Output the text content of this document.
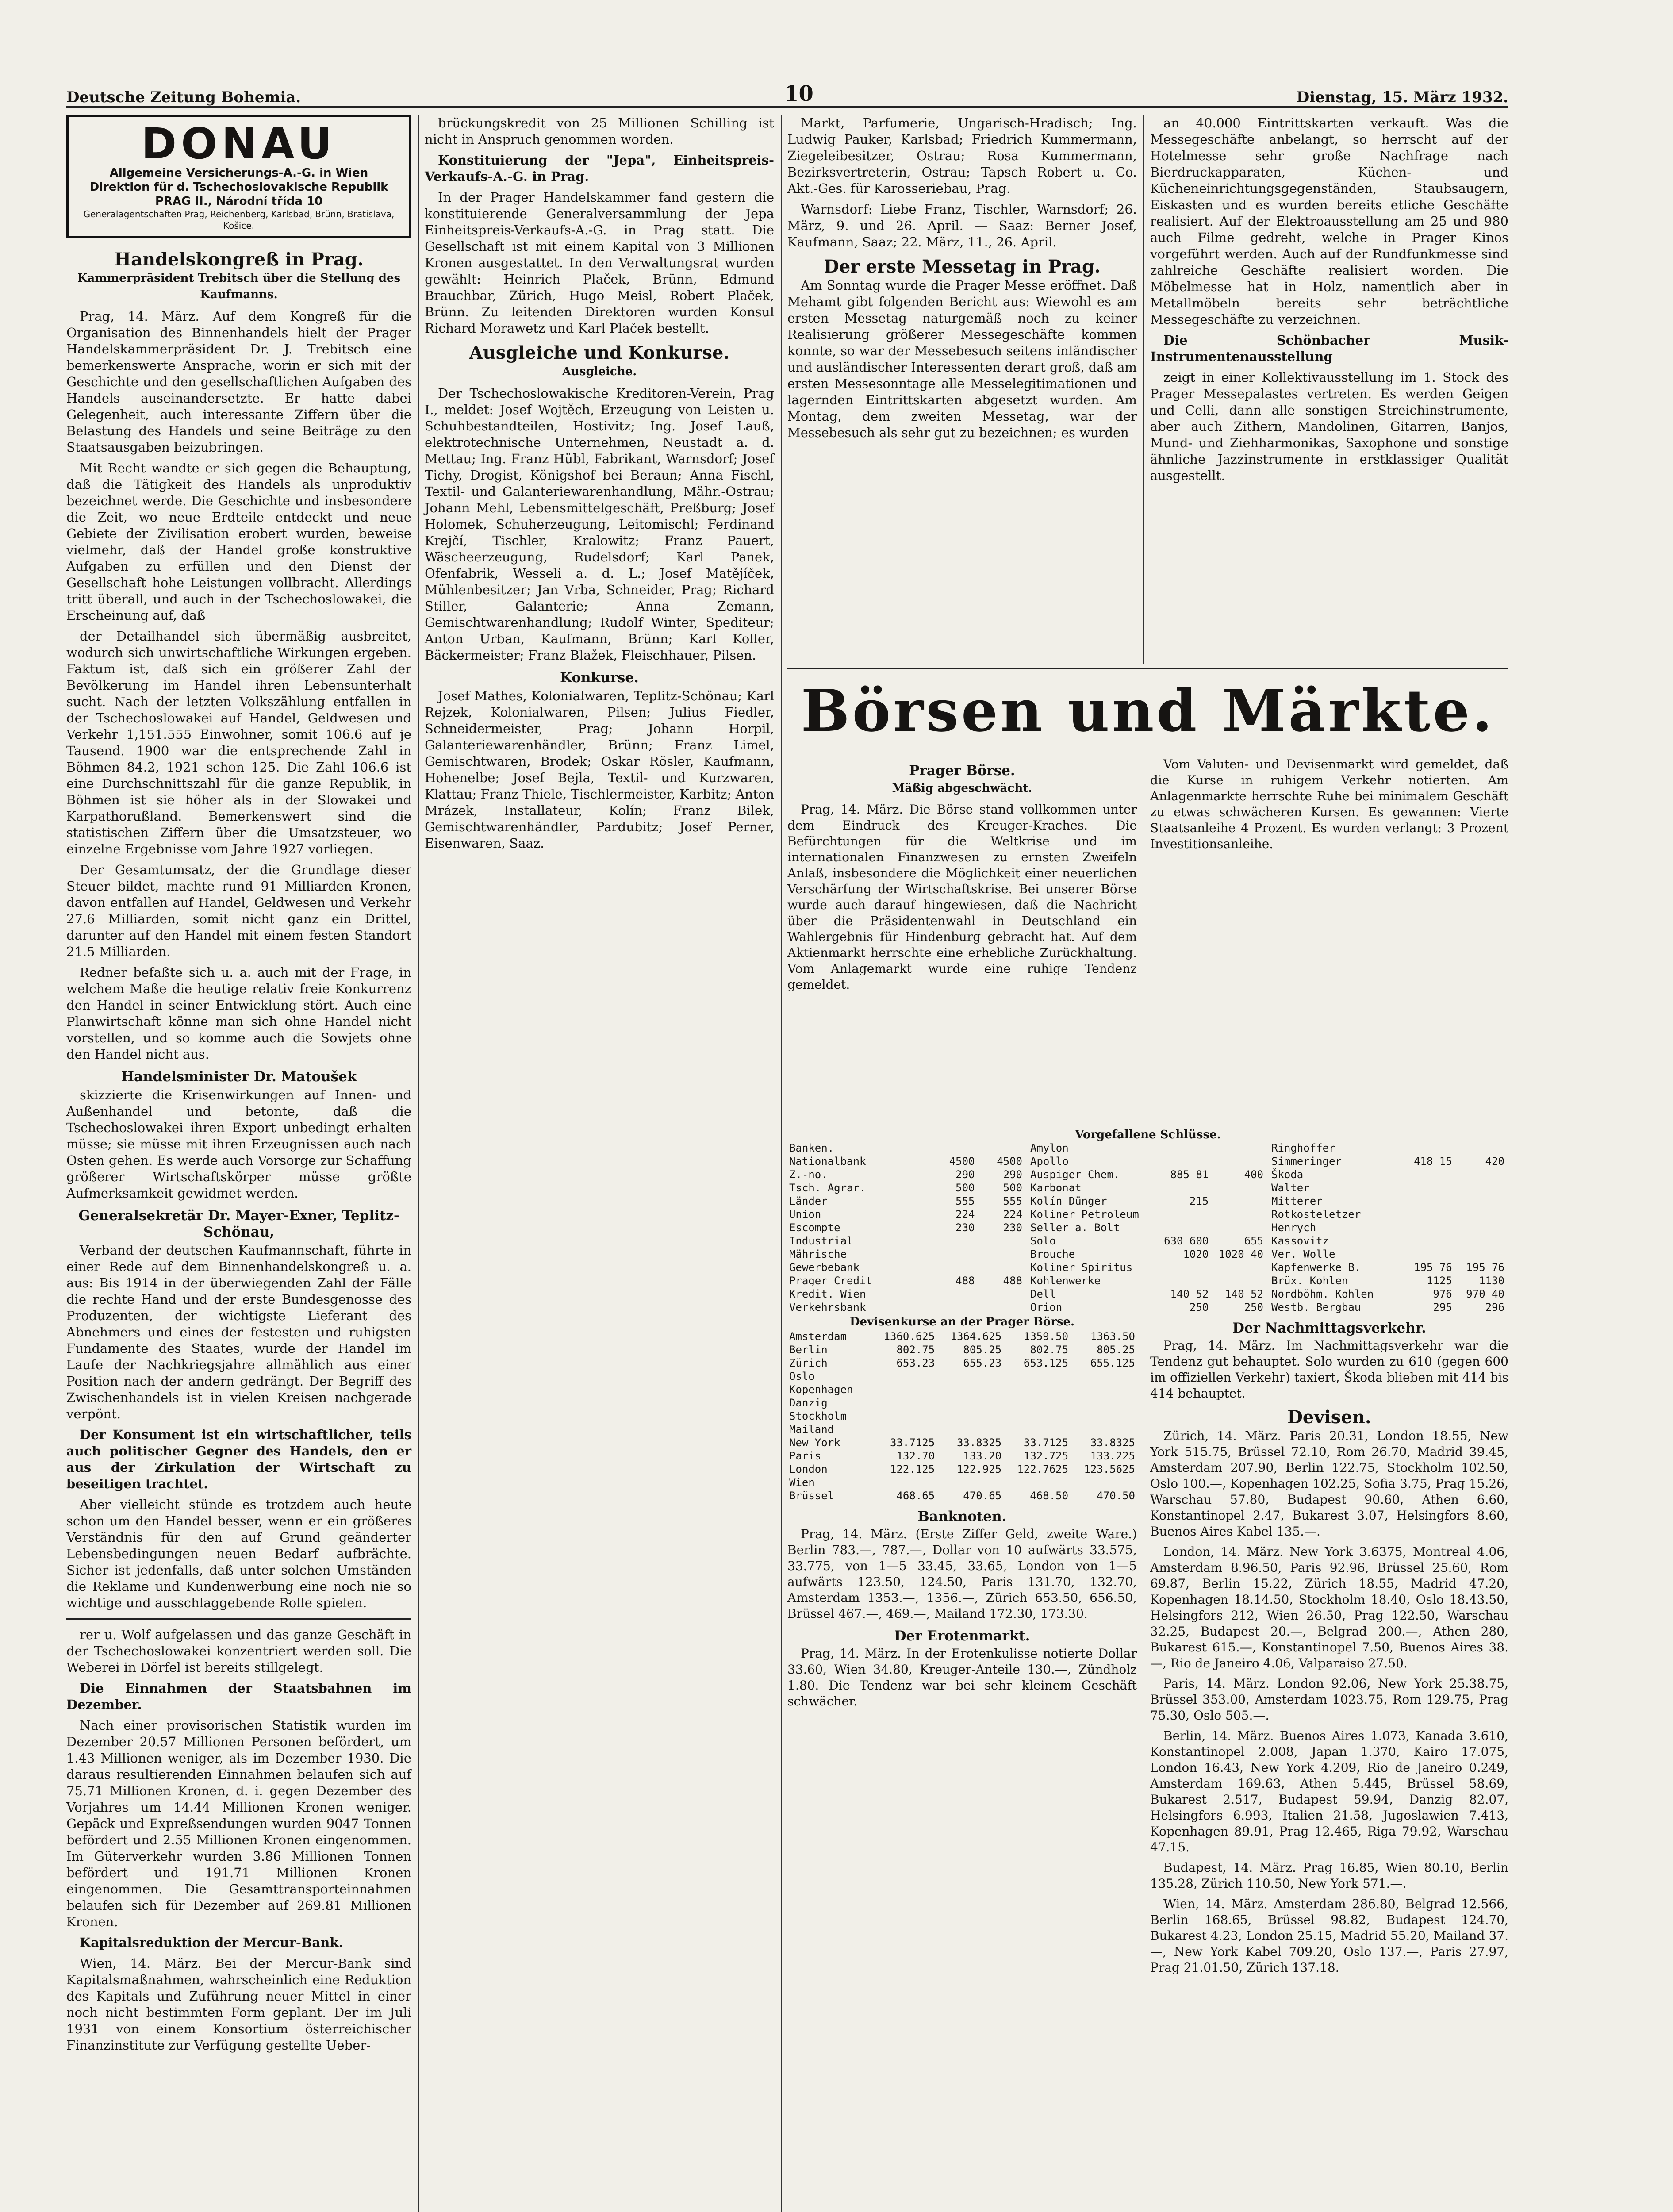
Deutsche Zeitung Bohemia.	10	Dienstag, 15. März 1932.
DONAU
Allgemeine Versicherungs-A.-G. in Wien
Direktion für d. Tschechoslovakische Republik PRAG II., Národní třída 10
Generalagentschaften Prag, Reichenberg, Karlsbad, Brünn, Bratislava, Košice.
Handelskongreß in Prag.
Kammerpräsident Trebitsch über die Stellung des Kaufmanns.

Prag, 14. März. Auf dem Kongreß für die Organisation des Binnenhandels hielt der Prager Handelskammerpräsident Dr. J. Trebitsch eine bemerkenswerte Ansprache, worin er sich mit der Geschichte und den gesellschaftlichen Aufgaben des Handels auseinandersetzte. Er hatte dabei Gelegenheit, auch interessante Ziffern über die Belastung des Handels und seine Beiträge zu den Staatsausgaben beizubringen.

Mit Recht wandte er sich gegen die Behauptung, daß die Tätigkeit des Handels als unproduktiv bezeichnet werde. Die Geschichte und insbesondere die Zeit, wo neue Erdteile entdeckt und neue Gebiete der Zivilisation erobert wurden, beweise vielmehr, daß der Handel große konstruktive Aufgaben zu erfüllen und den Dienst der Gesellschaft hohe Leistungen vollbracht. Allerdings tritt überall, und auch in der Tschechoslowakei, die Erscheinung auf, daß

der Detailhandel sich übermäßig ausbreitet, wodurch sich unwirtschaftliche Wirkungen ergeben. Faktum ist, daß sich ein größerer Zahl der Bevölkerung im Handel ihren Lebensunterhalt sucht. Nach der letzten Volkszählung entfallen in der Tschechoslowakei auf Handel, Geldwesen und Verkehr 1,151.555 Einwohner, somit 106.6 auf je Tausend. 1900 war die entsprechende Zahl in Böhmen 84.2, 1921 schon 125. Die Zahl 106.6 ist eine Durchschnittszahl für die ganze Republik, in Böhmen ist sie höher als in der Slowakei und Karpathorußland. Bemerkenswert sind die statistischen Ziffern über die Umsatzsteuer, wo einzelne Ergebnisse vom Jahre 1927 vorliegen.

Der Gesamtumsatz, der die Grundlage dieser Steuer bildet, machte rund 91 Milliarden Kronen, davon entfallen auf Handel, Geldwesen und Verkehr 27.6 Milliarden, somit nicht ganz ein Drittel, darunter auf den Handel mit einem festen Standort 21.5 Milliarden.

Redner befaßte sich u. a. auch mit der Frage, in welchem Maße die heutige relativ freie Konkurrenz den Handel in seiner Entwicklung stört. Auch eine Planwirtschaft könne man sich ohne Handel nicht vorstellen, und so komme auch die Sowjets ohne den Handel nicht aus.

Handelsminister Dr. Matoušek

skizzierte die Krisenwirkungen auf Innen- und Außenhandel und betonte, daß die Tschechoslowakei ihren Export unbedingt erhalten müsse; sie müsse mit ihren Erzeugnissen auch nach Osten gehen. Es werde auch Vorsorge zur Schaffung größerer Wirtschaftskörper müsse größte Aufmerksamkeit gewidmet werden.

Generalsekretär Dr. Mayer-Exner, Teplitz-Schönau,

Verband der deutschen Kaufmannschaft, führte in einer Rede auf dem Binnenhandelskongreß u. a. aus: Bis 1914 in der überwiegenden Zahl der Fälle die rechte Hand und der erste Bundesgenosse des Produzenten, der wichtigste Lieferant des Abnehmers und eines der festesten und ruhigsten Fundamente des Staates, wurde der Handel im Laufe der Nachkriegsjahre allmählich aus einer Position nach der andern gedrängt. Der Begriff des Zwischenhandels ist in vielen Kreisen nachgerade verpönt.

Der Konsument ist ein wirtschaftlicher, teils auch politischer Gegner des Handels, den er aus der Zirkulation der Wirtschaft zu beseitigen trachtet.

Aber vielleicht stünde es trotzdem auch heute schon um den Handel besser, wenn er ein größeres Verständnis für den auf Grund geänderter Lebensbedingungen neuen Bedarf aufbrächte. Sicher ist jedenfalls, daß unter solchen Umständen die Reklame und Kundenwerbung eine noch nie so wichtige und ausschlaggebende Rolle spielen.

rer u. Wolf aufgelassen und das ganze Geschäft in der Tschechoslowakei konzentriert werden soll. Die Weberei in Dörfel ist bereits stillgelegt.

Die Einnahmen der Staatsbahnen im Dezember.

Nach einer provisorischen Statistik wurden im Dezember 20.57 Millionen Personen befördert, um 1.43 Millionen weniger, als im Dezember 1930. Die daraus resultierenden Einnahmen belaufen sich auf 75.71 Millionen Kronen, d. i. gegen Dezember des Vorjahres um 14.44 Millionen Kronen weniger. Gepäck und Expreßsendungen wurden 9047 Tonnen befördert und 2.55 Millionen Kronen eingenommen. Im Güterverkehr wurden 3.86 Millionen Tonnen befördert und 191.71 Millionen Kronen eingenommen. Die Gesamttransporteinnahmen belaufen sich für Dezember auf 269.81 Millionen Kronen.

Kapitalsreduktion der Mercur-Bank.

Wien, 14. März. Bei der Mercur-Bank sind Kapitalsmaßnahmen, wahrscheinlich eine Reduktion des Kapitals und Zuführung neuer Mittel in einer noch nicht bestimmten Form geplant. Der im Juli 1931 von einem Konsortium österreichischer Finanzinstitute zur Verfügung gestellte Ueber-

brückungskredit von 25 Millionen Schilling ist nicht in Anspruch genommen worden.

Konstituierung der "Jepa", Einheitspreis-Verkaufs-A.-G. in Prag.

In der Prager Handelskammer fand gestern die konstituierende Generalversammlung der Jepa Einheitspreis-Verkaufs-A.-G. in Prag statt. Die Gesellschaft ist mit einem Kapital von 3 Millionen Kronen ausgestattet. In den Verwaltungsrat wurden gewählt: Heinrich Plaček, Brünn, Edmund Brauchbar, Zürich, Hugo Meisl, Robert Plaček, Brünn. Zu leitenden Direktoren wurden Konsul Richard Morawetz und Karl Plaček bestellt.

Ausgleiche und Konkurse.
Ausgleiche.

Der Tschechoslowakische Kreditoren-Verein, Prag I., meldet: Josef Wojtěch, Erzeugung von Leisten u. Schuhbestandteilen, Hostivitz; Ing. Josef Lauß, elektrotechnische Unternehmen, Neustadt a. d. Mettau; Ing. Franz Hübl, Fabrikant, Warnsdorf; Josef Tichy, Drogist, Königshof bei Beraun; Anna Fischl, Textil- und Galanteriewarenhandlung, Mähr.-Ostrau; Johann Mehl, Lebensmittelgeschäft, Preßburg; Josef Holomek, Schuherzeugung, Leitomischl; Ferdinand Krejčí, Tischler, Kralowitz; Franz Pauert, Wäscheerzeugung, Rudelsdorf; Karl Panek, Ofenfabrik, Wesseli a. d. L.; Josef Matějíček, Mühlenbesitzer; Jan Vrba, Schneider, Prag; Richard Stiller, Galanterie; Anna Zemann, Gemischtwarenhandlung; Rudolf Winter, Spediteur; Anton Urban, Kaufmann, Brünn; Karl Koller, Bäckermeister; Franz Blažek, Fleischhauer, Pilsen.

Konkurse.

Josef Mathes, Kolonialwaren, Teplitz-Schönau; Karl Rejzek, Kolonialwaren, Pilsen; Julius Fiedler, Schneidermeister, Prag; Johann Horpil, Galanteriewarenhändler, Brünn; Franz Limel, Gemischtwaren, Brodek; Oskar Rösler, Kaufmann, Hohenelbe; Josef Bejla, Textil- und Kurzwaren, Klattau; Franz Thiele, Tischlermeister, Karbitz; Anton Mrázek, Installateur, Kolín; Franz Bilek, Gemischtwarenhändler, Pardubitz; Josef Perner, Eisenwaren, Saaz.

Markt, Parfumerie, Ungarisch-Hradisch; Ing. Ludwig Pauker, Karlsbad; Friedrich Kummermann, Ziegeleibesitzer, Ostrau; Rosa Kummermann, Bezirksvertreterin, Ostrau; Tapsch Robert u. Co. Akt.-Ges. für Karosseriebau, Prag.

Warnsdorf: Liebe Franz, Tischler, Warnsdorf; 26. März, 9. und 26. April. — Saaz: Berner Josef, Kaufmann, Saaz; 22. März, 11., 26. April.

Der erste Messetag in Prag.

Am Sonntag wurde die Prager Messe eröffnet. Daß Mehamt gibt folgenden Bericht aus: Wiewohl es am ersten Messetag naturgemäß noch zu keiner Realisierung größerer Messegeschäfte kommen konnte, so war der Messebesuch seitens inländischer und ausländischer Interessenten derart groß, daß am ersten Messesonntage alle Messelegitimationen und lagernden Eintrittskarten abgesetzt wurden. Am Montag, dem zweiten Messetag, war der Messebesuch als sehr gut zu bezeichnen; es wurden

an 40.000 Eintrittskarten verkauft. Was die Messegeschäfte anbelangt, so herrscht auf der Hotelmesse sehr große Nachfrage nach Bierdruckapparaten, Küchen- und Kücheneinrichtungsgegenständen, Staubsaugern, Eiskasten und es wurden bereits etliche Geschäfte realisiert. Auf der Elektroausstellung am 25 und 980 auch Filme gedreht, welche in Prager Kinos vorgeführt werden. Auch auf der Rundfunkmesse sind zahlreiche Geschäfte realisiert worden. Die Möbelmesse hat in Holz, namentlich aber in Metallmöbeln bereits sehr beträchtliche Messegeschäfte zu verzeichnen.

Die Schönbacher Musik-Instrumentenausstellung

zeigt in einer Kollektivausstellung im 1. Stock des Prager Messepalastes vertreten. Es werden Geigen und Celli, dann alle sonstigen Streichinstrumente, aber auch Zithern, Mandolinen, Gitarren, Banjos, Mund- und Ziehharmonikas, Saxophone und sonstige ähnliche Jazzinstrumente in erstklassiger Qualität ausgestellt.

Börsen und Märkte.
Prager Börse.
Mäßig abgeschwächt.

Prag, 14. März. Die Börse stand vollkommen unter dem Eindruck des Kreuger-Kraches. Die Befürchtungen für die Weltkrise und im internationalen Finanzwesen zu ernsten Zweifeln Anlaß, insbesondere die Möglichkeit einer neuerlichen Verschärfung der Wirtschaftskrise. Bei unserer Börse wurde auch darauf hingewiesen, daß die Nachricht über die Präsidentenwahl in Deutschland ein Wahlergebnis für Hindenburg gebracht hat. Auf dem Aktienmarkt herrschte eine erhebliche Zurückhaltung. Vom Anlagemarkt wurde eine ruhige Tendenz gemeldet.

Vom Valuten- und Devisenmarkt wird gemeldet, daß die Kurse in ruhigem Verkehr notierten. Am Anlagenmarkte herrschte Ruhe bei minimalem Geschäft zu etwas schwächeren Kursen. Es gewannen: Vierte Staatsanleihe 4 Prozent. Es wurden verlangt: 3 Prozent Investitionsanleihe.

Vorgefallene Schlüsse.
Banken.		
Nationalbank	4500	4500
Z.-no.	290	290
Tsch. Agrar.	500	500
Länder	555	555
Union	224	224
Escompte	230	230
Industrial		
Mährische		
Gewerbebank		
Prager Credit	488	488
Kredit. Wien		
Verkehrsbank		
Amylon		
Apollo		
Auspiger Chem.	885 81	400
Karbonat		
Kolín Dünger	215	
Koliner Petroleum		
Seller a. Bolt		
Solo	630 600	655
Brouche	1020	1020 40
Koliner Spiritus		
Kohlenwerke		
Dell	140 52	140 52
Orion	250	250
Ringhoffer		
Simmeringer	418 15	420
Škoda		
Walter		
Mitterer		
Rotkosteletzer		
Henrych		
Kassovitz		
Ver. Wolle		
Kapfenwerke B.	195 76	195 76
Brüx. Kohlen	1125	1130
Nordböhm. Kohlen	976	970 40
Westb. Bergbau	295	296
Devisenkurse an der Prager Börse.
Amsterdam	1360.625	1364.625	1359.50	1363.50
Berlin	802.75	805.25	802.75	805.25
Zürich	653.23	655.23	653.125	655.125
Oslo				
Kopenhagen				
Danzig				
Stockholm				
Mailand				
New York	33.7125	33.8325	33.7125	33.8325
Paris	132.70	133.20	132.725	133.225
London	122.125	122.925	122.7625	123.5625
Wien				
Brüssel	468.65	470.65	468.50	470.50
Banknoten.

Prag, 14. März. (Erste Ziffer Geld, zweite Ware.) Berlin 783.—, 787.—, Dollar von 10 aufwärts 33.575, 33.775, von 1—5 33.45, 33.65, London von 1—5 aufwärts 123.50, 124.50, Paris 131.70, 132.70, Amsterdam 1353.—, 1356.—, Zürich 653.50, 656.50, Brüssel 467.—, 469.—, Mailand 172.30, 173.30.

Der Erotenmarkt.

Prag, 14. März. In der Erotenkulisse notierte Dollar 33.60, Wien 34.80, Kreuger-Anteile 130.—, Zündholz 1.80. Die Tendenz war bei sehr kleinem Geschäft schwächer.

Der Nachmittagsverkehr.

Prag, 14. März. Im Nachmittagsverkehr war die Tendenz gut behauptet. Solo wurden zu 610 (gegen 600 im offiziellen Verkehr) taxiert, Škoda blieben mit 414 bis 414 behauptet.

Devisen.

Zürich, 14. März. Paris 20.31, London 18.55, New York 515.75, Brüssel 72.10, Rom 26.70, Madrid 39.45, Amsterdam 207.90, Berlin 122.75, Stockholm 102.50, Oslo 100.—, Kopenhagen 102.25, Sofia 3.75, Prag 15.26, Warschau 57.80, Budapest 90.60, Athen 6.60, Konstantinopel 2.47, Bukarest 3.07, Helsingfors 8.60, Buenos Aires Kabel 135.—.

London, 14. März. New York 3.6375, Montreal 4.06, Amsterdam 8.96.50, Paris 92.96, Brüssel 25.60, Rom 69.87, Berlin 15.22, Zürich 18.55, Madrid 47.20, Kopenhagen 18.14.50, Stockholm 18.40, Oslo 18.43.50, Helsingfors 212, Wien 26.50, Prag 122.50, Warschau 32.25, Budapest 20.—, Belgrad 200.—, Athen 280, Bukarest 615.—, Konstantinopel 7.50, Buenos Aires 38.—, Rio de Janeiro 4.06, Valparaiso 27.50.

Paris, 14. März. London 92.06, New York 25.38.75, Brüssel 353.00, Amsterdam 1023.75, Rom 129.75, Prag 75.30, Oslo 505.—.

Berlin, 14. März. Buenos Aires 1.073, Kanada 3.610, Konstantinopel 2.008, Japan 1.370, Kairo 17.075, London 16.43, New York 4.209, Rio de Janeiro 0.249, Amsterdam 169.63, Athen 5.445, Brüssel 58.69, Bukarest 2.517, Budapest 59.94, Danzig 82.07, Helsingfors 6.993, Italien 21.58, Jugoslawien 7.413, Kopenhagen 89.91, Prag 12.465, Riga 79.92, Warschau 47.15.

Budapest, 14. März. Prag 16.85, Wien 80.10, Berlin 135.28, Zürich 110.50, New York 571.—.

Wien, 14. März. Amsterdam 286.80, Belgrad 12.566, Berlin 168.65, Brüssel 98.82, Budapest 124.70, Bukarest 4.23, London 25.15, Madrid 55.20, Mailand 37.—, New York Kabel 709.20, Oslo 137.—, Paris 27.97, Prag 21.01.50, Zürich 137.18.
